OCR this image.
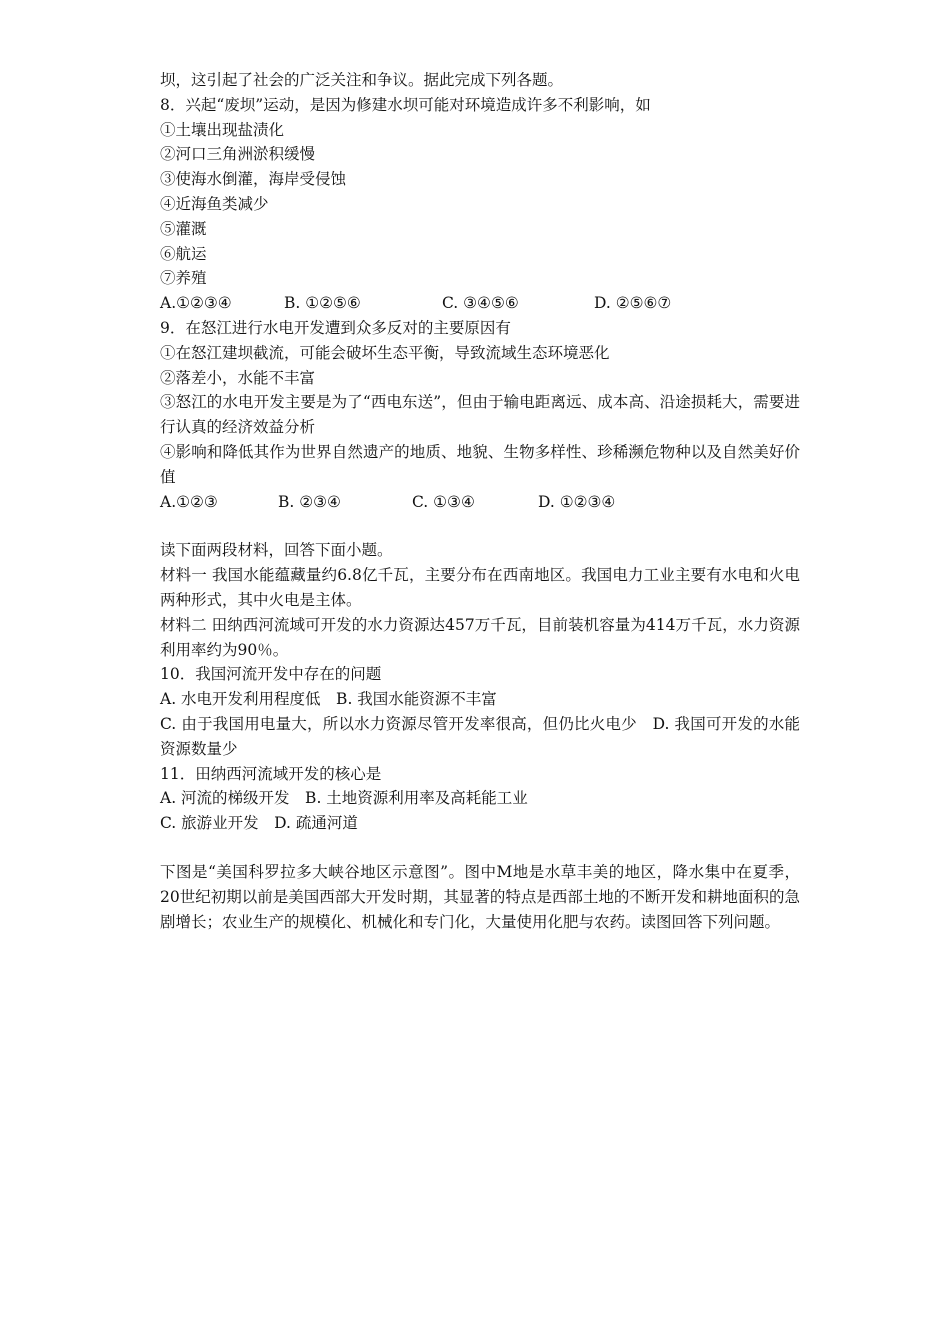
坝，这引起了社会的广泛关注和争议。据此完成下列各题。
8．兴起“废坝”运动，是因为修建水坝可能对环境造成许多不利影响，如
①土壤出现盐渍化
②河口三角洲淤积缓慢
③使海水倒灌，海岸受侵蚀
④近海鱼类减少
⑤灌溉
⑥航运
⑦养殖
A.①②③④	B. ①②⑤⑥	C. ③④⑤⑥	D. ②⑤⑥⑦
9．在怒江进行水电开发遭到众多反对的主要原因有
①在怒江建坝截流，可能会破坏生态平衡，导致流域生态环境恶化
②落差小，水能不丰富
③怒江的水电开发主要是为了“西电东送”，但由于输电距离远、成本高、沿途损耗大，需要进行认真的经济效益分析
④影响和降低其作为世界自然遗产的地质、地貌、生物多样性、珍稀濒危物种以及自然美好价值
A.①②③	B. ②③④	C. ①③④	D. ①②③④
读下面两段材料，回答下面小题。
材料一 我国水能蕴藏量约6.8亿千瓦，主要分布在西南地区。我国电力工业主要有水电和火电两种形式，其中火电是主体。
材料二 田纳西河流域可开发的水力资源达457万千瓦，目前装机容量为414万千瓦，水力资源利用率约为90％。
10．我国河流开发中存在的问题
A. 水电开发利用程度低　B. 我国水能资源不丰富
C. 由于我国用电量大，所以水力资源尽管开发率很高，但仍比火电少　D. 我国可开发的水能资源数量少
11．田纳西河流域开发的核心是
A. 河流的梯级开发　B. 土地资源利用率及高耗能工业
C. 旅游业开发　D. 疏通河道
下图是“美国科罗拉多大峡谷地区示意图”。图中M地是水草丰美的地区，降水集中在夏季，20世纪初期以前是美国西部大开发时期，其显著的特点是西部土地的不断开发和耕地面积的急剧增长；农业生产的规模化、机械化和专门化，大量使用化肥与农药。读图回答下列问题。
